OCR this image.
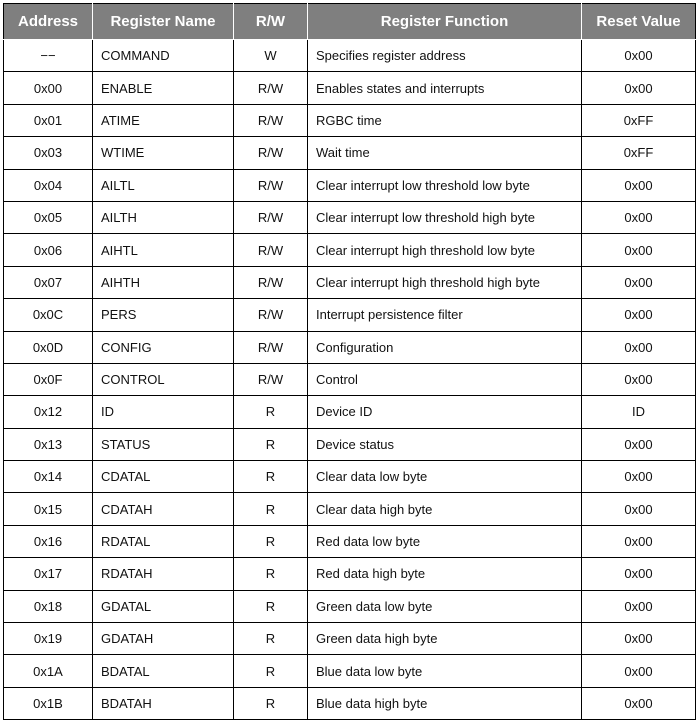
Address	Register Name	R/W	Register Function	Reset Value
−−	COMMAND	W	Specifies register address	0x00
0x00	ENABLE	R/W	Enables states and interrupts	0x00
0x01	ATIME	R/W	RGBC time	0xFF
0x03	WTIME	R/W	Wait time	0xFF
0x04	AILTL	R/W	Clear interrupt low threshold low byte	0x00
0x05	AILTH	R/W	Clear interrupt low threshold high byte	0x00
0x06	AIHTL	R/W	Clear interrupt high threshold low byte	0x00
0x07	AIHTH	R/W	Clear interrupt high threshold high byte	0x00
0x0C	PERS	R/W	Interrupt persistence filter	0x00
0x0D	CONFIG	R/W	Configuration	0x00
0x0F	CONTROL	R/W	Control	0x00
0x12	ID	R	Device ID	ID
0x13	STATUS	R	Device status	0x00
0x14	CDATAL	R	Clear data low byte	0x00
0x15	CDATAH	R	Clear data high byte	0x00
0x16	RDATAL	R	Red data low byte	0x00
0x17	RDATAH	R	Red data high byte	0x00
0x18	GDATAL	R	Green data low byte	0x00
0x19	GDATAH	R	Green data high byte	0x00
0x1A	BDATAL	R	Blue data low byte	0x00
0x1B	BDATAH	R	Blue data high byte	0x00
